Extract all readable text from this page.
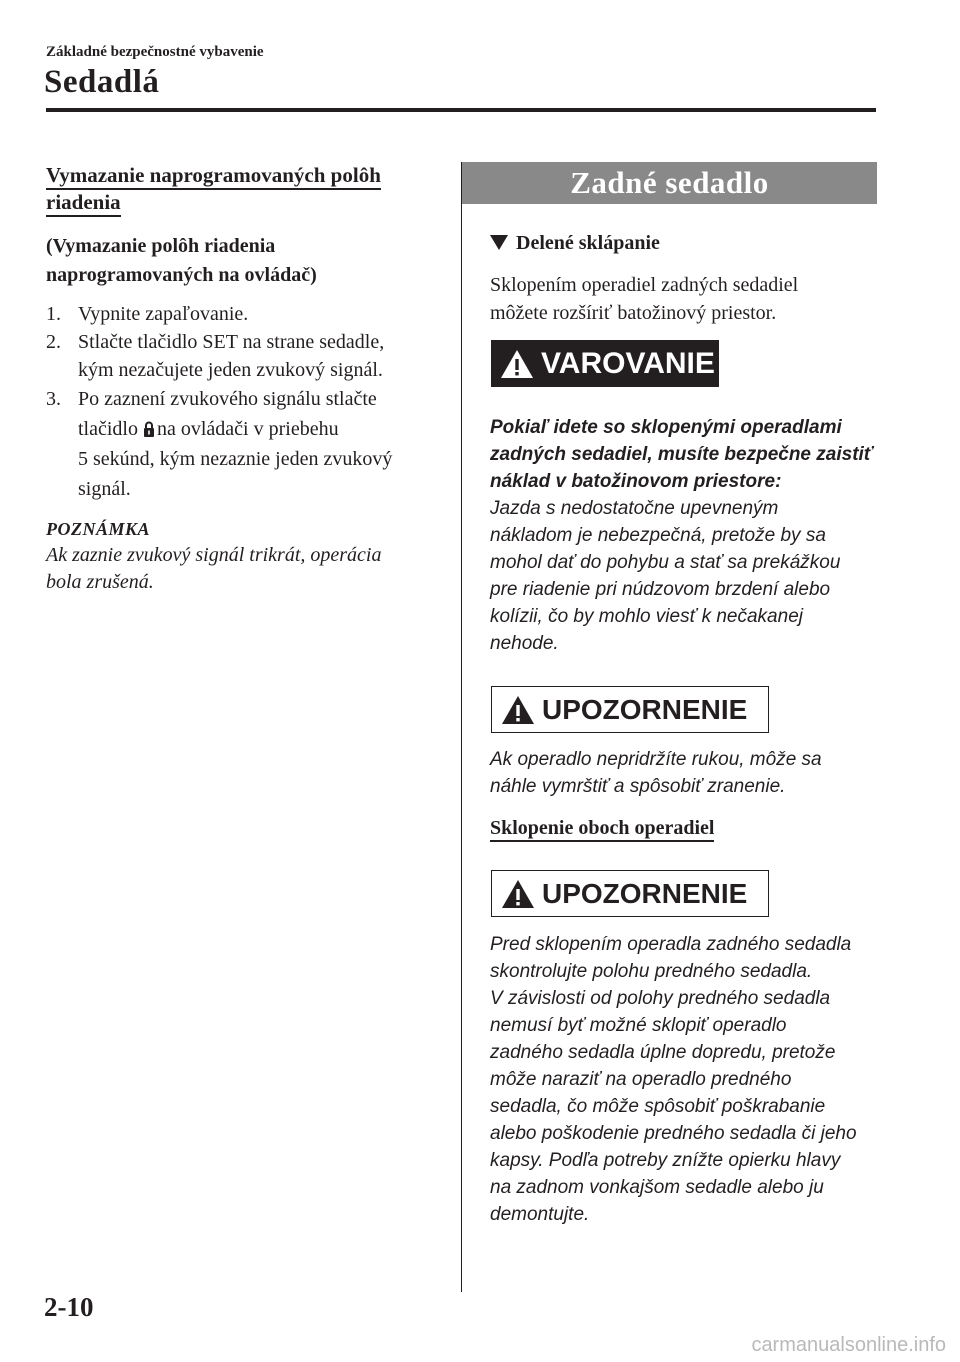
Základné bezpečnostné vybavenie
Sedadlá
Vymazanie naprogramovaných polôh
riadenia
(Vymazanie polôh riadenia
naprogramovaných na ovládač)
1. Vypnite zapaľovanie.
2. Stlačte tlačidlo SET na strane sedadle,
kým nezačujete jeden zvukový signál.
3. Po zaznení zvukového signálu stlačte
tlačidlo na ovládači v priebehu
5 sekúnd, kým nezaznie jeden zvukový
signál.
POZNÁMKA
Ak zaznie zvukový signál trikrát, operácia
bola zrušená.
Zadné sedadlo
Delené sklápanie
Sklopením operadiel zadných sedadiel
môžete rozšíriť batožinový priestor.
VAROVANIE
Pokiaľ idete so sklopenými operadlami
zadných sedadiel, musíte bezpečne zaistiť
náklad v batožinovom priestore:
Jazda s nedostatočne upevneným
nákladom je nebezpečná, pretože by sa
mohol dať do pohybu a stať sa prekážkou
pre riadenie pri núdzovom brzdení alebo
kolízii, čo by mohlo viesť k nečakanej
nehode.
UPOZORNENIE
Ak operadlo nepridržíte rukou, môže sa
náhle vymrštiť a spôsobiť zranenie.
Sklopenie oboch operadiel
UPOZORNENIE
Pred sklopením operadla zadného sedadla
skontrolujte polohu predného sedadla.
V závislosti od polohy predného sedadla
nemusí byť možné sklopiť operadlo
zadného sedadla úplne dopredu, pretože
môže naraziť na operadlo predného
sedadla, čo môže spôsobiť poškrabanie
alebo poškodenie predného sedadla či jeho
kapsy. Podľa potreby znížte opierku hlavy
na zadnom vonkajšom sedadle alebo ju
demontujte.
2-10
carmanualsonline.info
